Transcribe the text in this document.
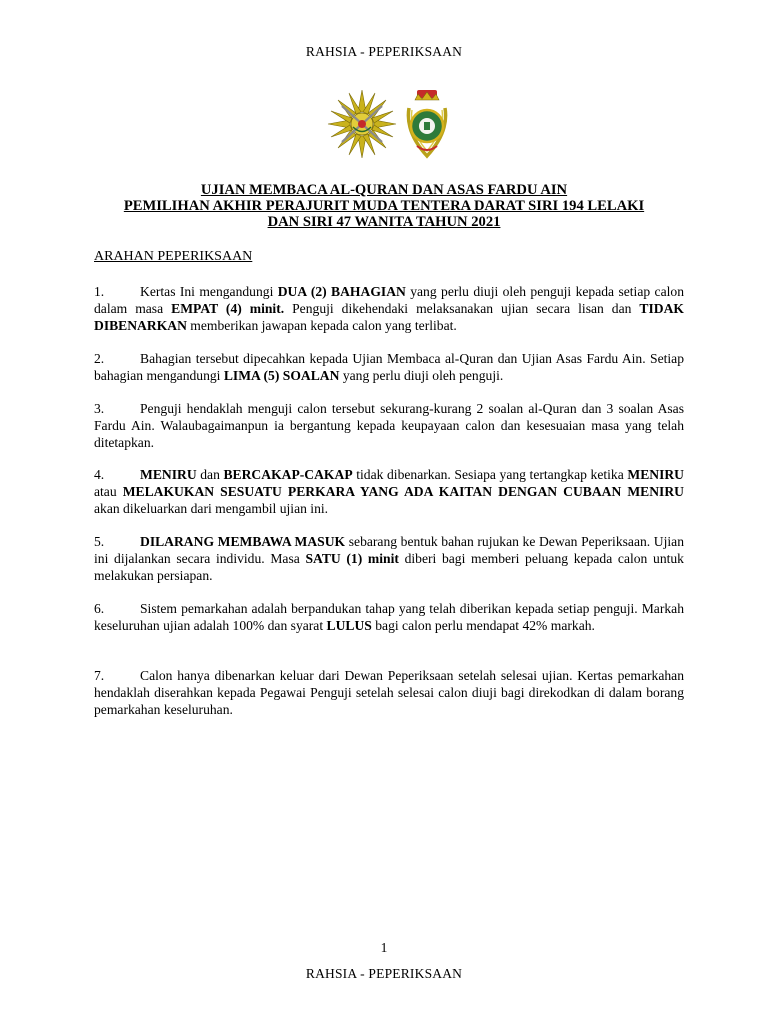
RAHSIA - PEPERIKSAAN
UJIAN MEMBACA AL-QURAN DAN ASAS FARDU AIN
PEMILIHAN AKHIR PERAJURIT MUDA TENTERA DARAT SIRI 194 LELAKI
DAN SIRI 47 WANITA TAHUN 2021
ARAHAN PEPERIKSAAN
1.	Kertas Ini mengandungi DUA (2) BAHAGIAN yang perlu diuji oleh penguji kepada setiap calon dalam masa EMPAT (4) minit. Penguji dikehendaki melaksanakan ujian secara lisan dan TIDAK DIBENARKAN memberikan jawapan kepada calon yang terlibat.
2.	Bahagian tersebut dipecahkan kepada Ujian Membaca al-Quran dan Ujian Asas Fardu Ain. Setiap bahagian mengandungi LIMA (5) SOALAN yang perlu diuji oleh penguji.
3.	Penguji hendaklah menguji calon tersebut sekurang-kurang 2 soalan al-Quran dan 3 soalan Asas Fardu Ain. Walaubagaimanpun ia bergantung kepada keupayaan calon dan kesesuaian masa yang telah ditetapkan.
4.	MENIRU dan BERCAKAP-CAKAP tidak dibenarkan. Sesiapa yang tertangkap ketika MENIRU atau MELAKUKAN SESUATU PERKARA YANG ADA KAITAN DENGAN CUBAAN MENIRU akan dikeluarkan dari mengambil ujian ini.
5.	DILARANG MEMBAWA MASUK sebarang bentuk bahan rujukan ke Dewan Peperiksaan. Ujian ini dijalankan secara individu. Masa SATU (1) minit diberi bagi memberi peluang kepada calon untuk melakukan persiapan.
6.	Sistem pemarkahan adalah berpandukan tahap yang telah diberikan kepada setiap penguji. Markah keseluruhan ujian adalah 100% dan syarat LULUS bagi calon perlu mendapat 42% markah.
7.	Calon hanya dibenarkan keluar dari Dewan Peperiksaan setelah selesai ujian. Kertas pemarkahan hendaklah diserahkan kepada Pegawai Penguji setelah selesai calon diuji bagi direkodkan di dalam borang pemarkahan keseluruhan.
1
RAHSIA - PEPERIKSAAN
